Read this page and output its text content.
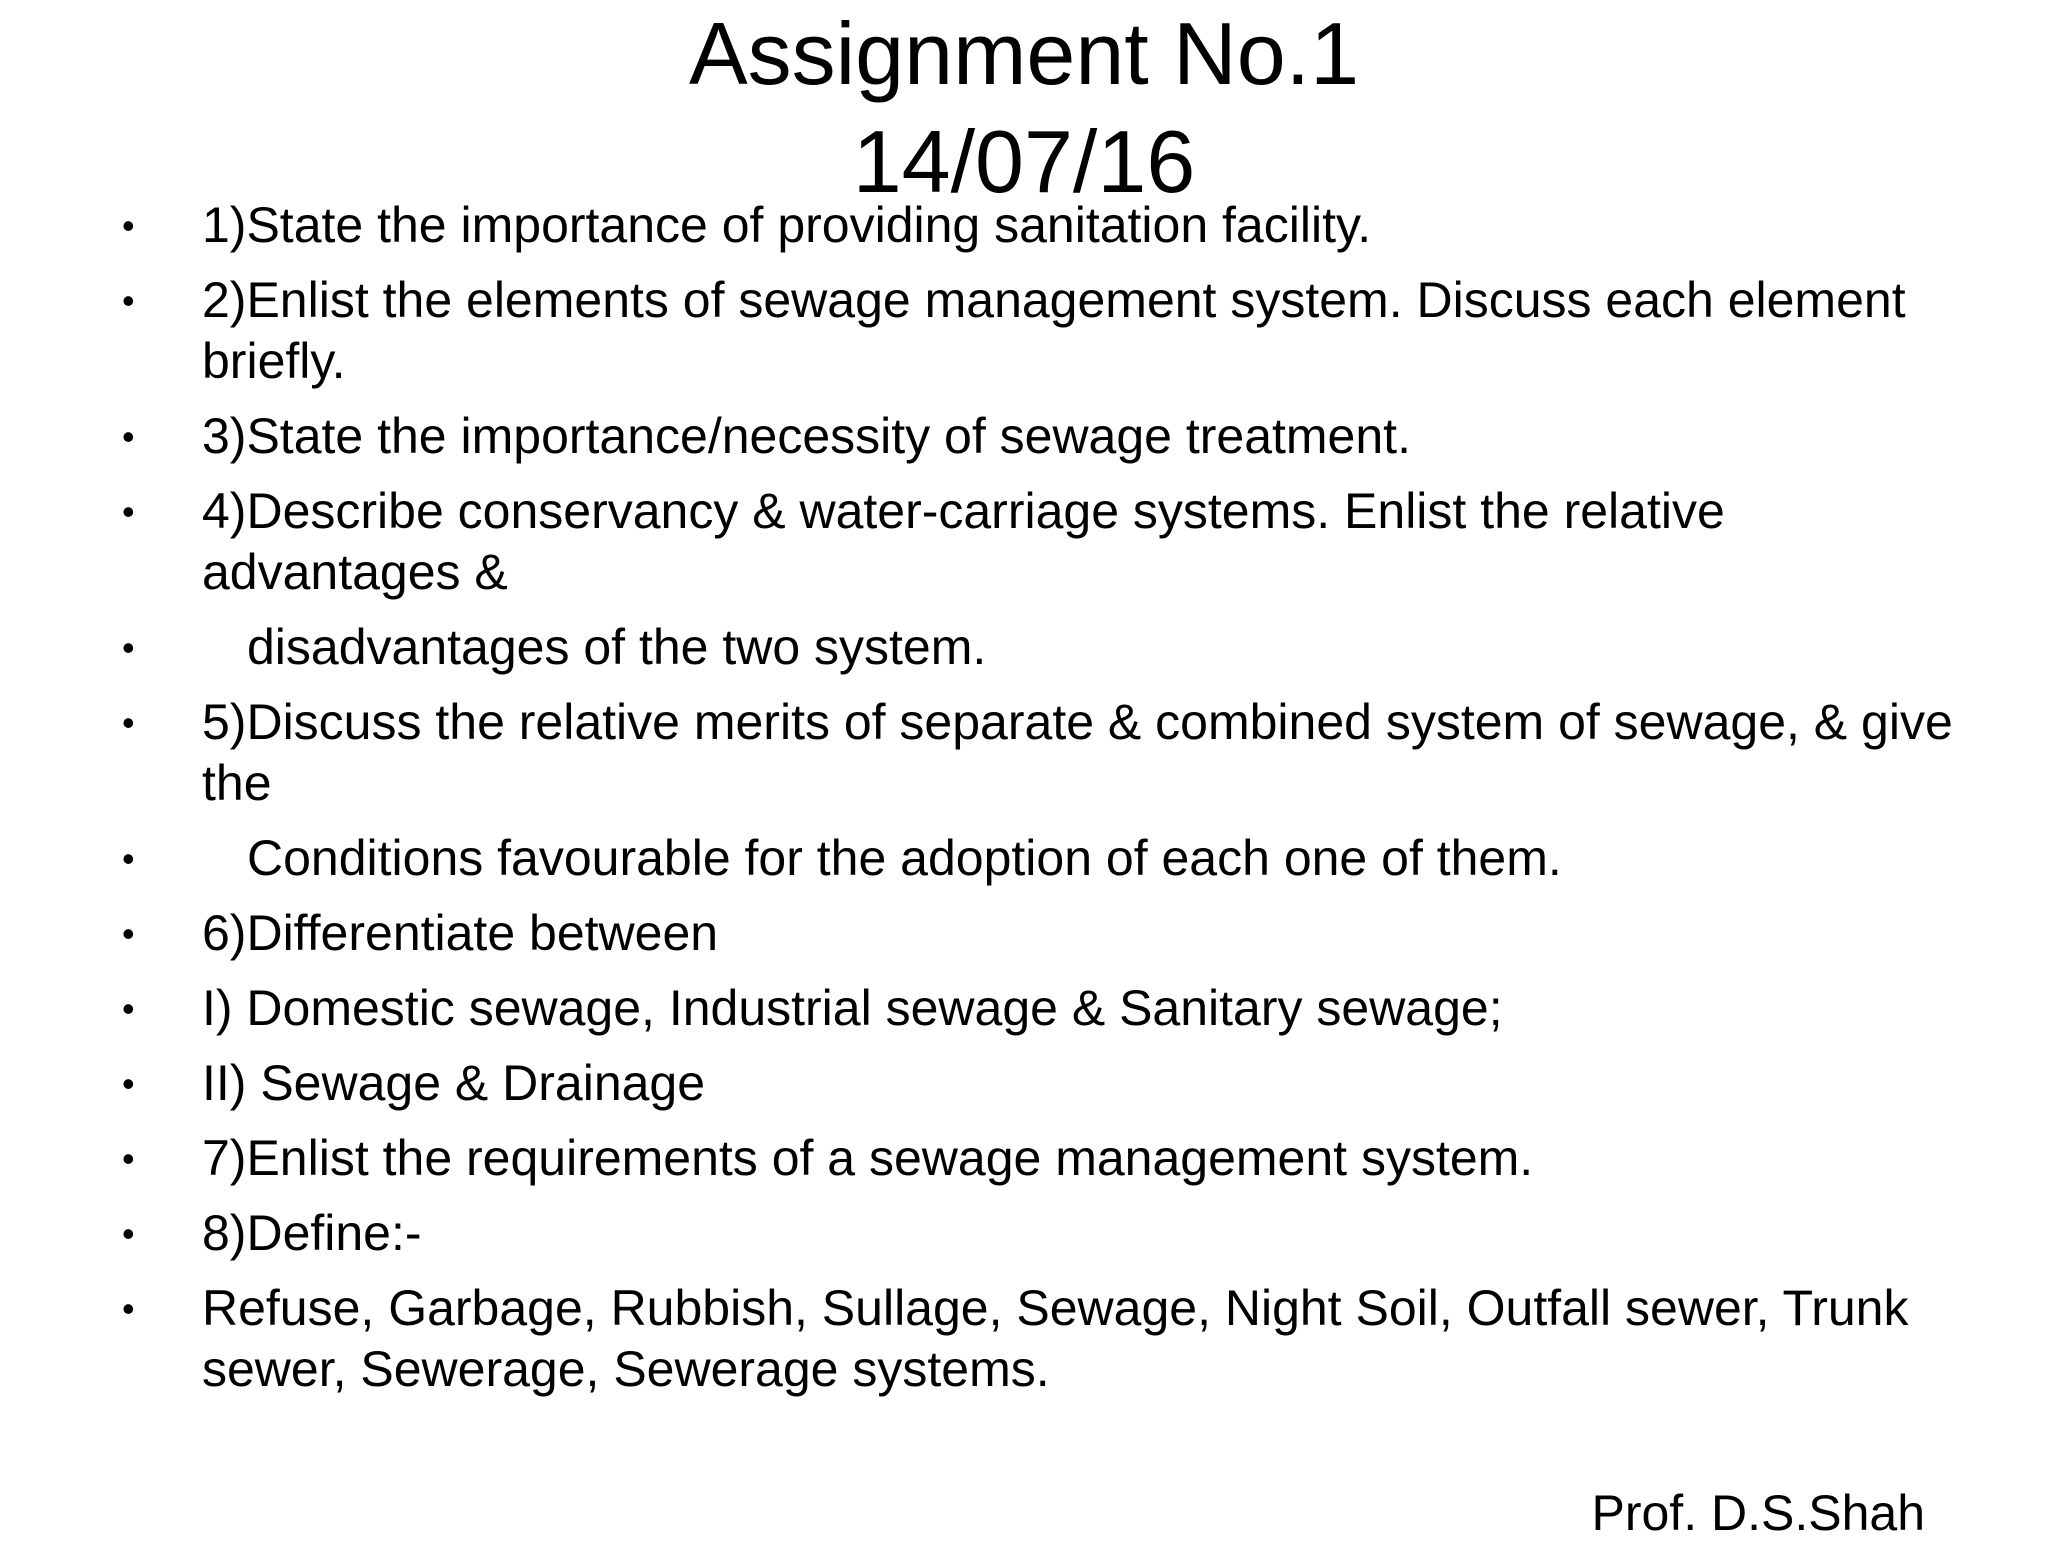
Assignment No.1
14/07/16
• 1)State the importance of providing sanitation facility.
• 2)Enlist the elements of sewage management system. Discuss each element briefly.
• 3)State the importance/necessity of sewage treatment.
• 4)Describe conservancy & water-carriage systems. Enlist the relative advantages &
• disadvantages of the two system.
• 5)Discuss the relative merits of separate & combined system of sewage, & give the
• Conditions favourable for the adoption of each one of them.
• 6)Differentiate between
• I) Domestic sewage, Industrial sewage & Sanitary sewage;
• II) Sewage & Drainage
• 7)Enlist the requirements of a sewage management system.
• 8)Define:-
• Refuse, Garbage, Rubbish, Sullage, Sewage, Night Soil, Outfall sewer, Trunk sewer, Sewerage, Sewerage systems.
Prof. D.S.Shah
